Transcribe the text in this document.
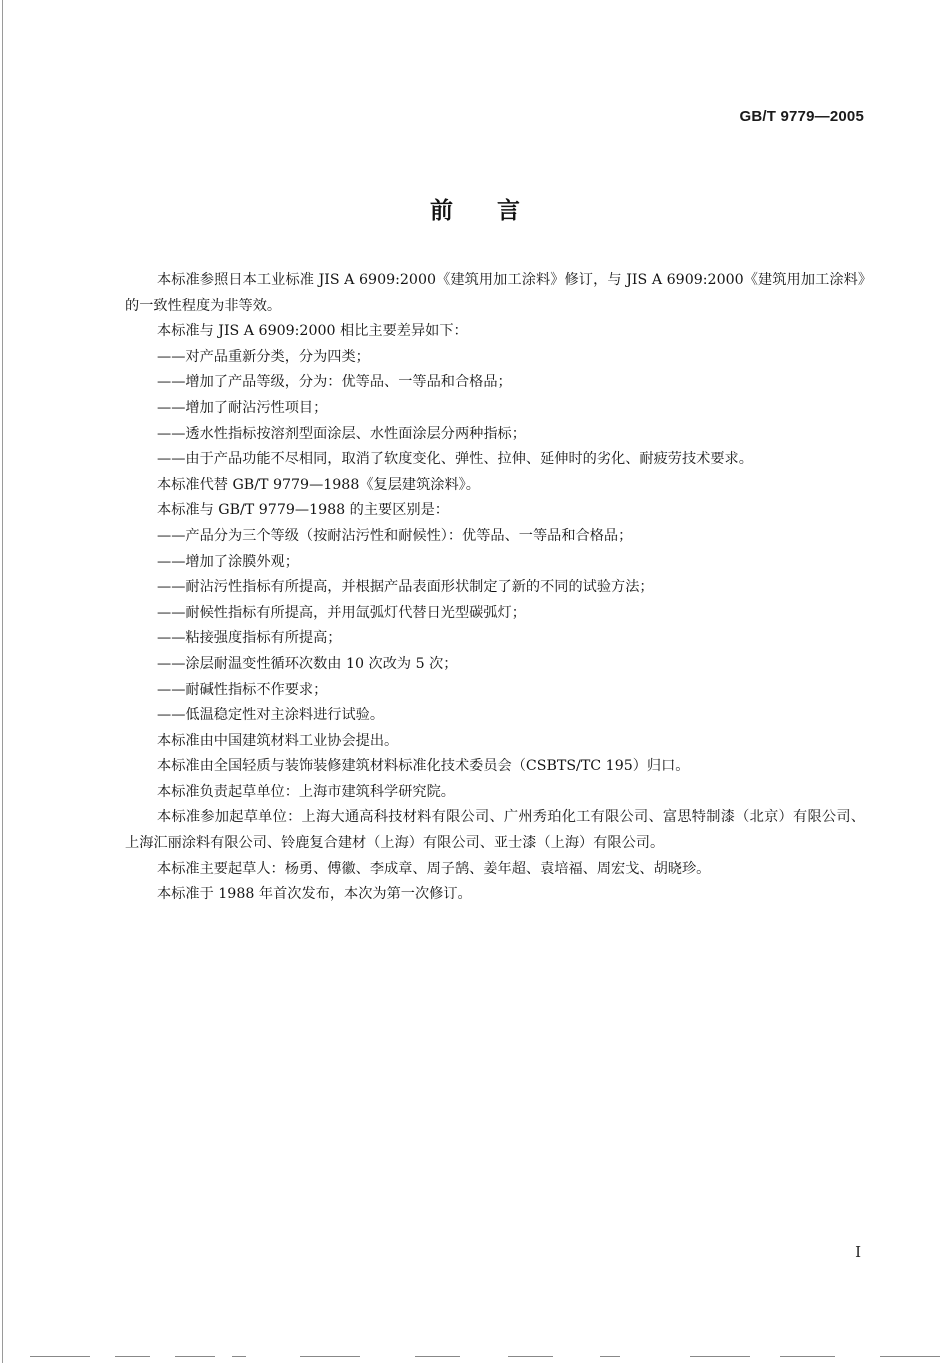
GB/T 9779—2005
前言

本标准参照日本工业标准 JIS A 6909:2000《建筑用加工涂料》修订，与 JIS A 6909:2000《建筑用加工涂料》的一致性程度为非等效。

本标准与 JIS A 6909:2000 相比主要差异如下：

——对产品重新分类，分为四类；

——增加了产品等级，分为：优等品、一等品和合格品；

——增加了耐沾污性项目；

——透水性指标按溶剂型面涂层、水性面涂层分两种指标；

——由于产品功能不尽相同，取消了软度变化、弹性、拉伸、延伸时的劣化、耐疲劳技术要求。

本标准代替 GB/T 9779—1988《复层建筑涂料》。

本标准与 GB/T 9779—1988 的主要区别是：

——产品分为三个等级（按耐沾污性和耐候性）：优等品、一等品和合格品；

——增加了涂膜外观；

——耐沾污性指标有所提高，并根据产品表面形状制定了新的不同的试验方法；

——耐候性指标有所提高，并用氙弧灯代替日光型碳弧灯；

——粘接强度指标有所提高；

——涂层耐温变性循环次数由 10 次改为 5 次；

——耐碱性指标不作要求；

——低温稳定性对主涂料进行试验。

本标准由中国建筑材料工业协会提出。

本标准由全国轻质与装饰装修建筑材料标准化技术委员会（CSBTS/TC 195）归口。

本标准负责起草单位：上海市建筑科学研究院。

本标准参加起草单位：上海大通高科技材料有限公司、广州秀珀化工有限公司、富思特制漆（北京）有限公司、上海汇丽涂料有限公司、铃鹿复合建材（上海）有限公司、亚士漆（上海）有限公司。

本标准主要起草人：杨勇、傅徽、李成章、周子鹄、姜年超、袁培福、周宏戈、胡晓珍。

本标准于 1988 年首次发布，本次为第一次修订。

I
